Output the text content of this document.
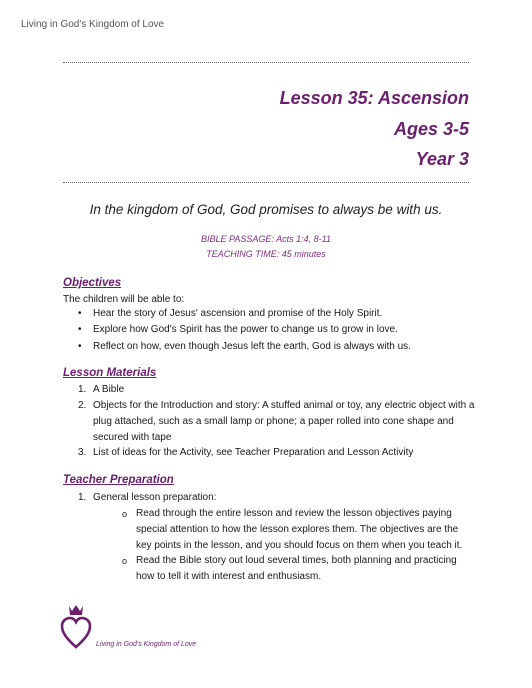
Living in God's Kingdom of Love
Lesson 35: Ascension
Ages 3-5
Year 3
In the kingdom of God, God promises to always be with us.
BIBLE PASSAGE: Acts 1:4, 8-11
TEACHING TIME: 45 minutes
Objectives
The children will be able to:
•	Hear the story of Jesus' ascension and promise of the Holy Spirit.
•	Explore how God's Spirit has the power to change us to grow in love.
•	Reflect on how, even though Jesus left the earth, God is always with us.
Lesson Materials
1. A Bible
2. Objects for the Introduction and story: A stuffed animal or toy, any electric object with a plug attached, such as a small lamp or phone; a paper rolled into cone shape and secured with tape
3. List of ideas for the Activity, see Teacher Preparation and Lesson Activity
Teacher Preparation
1. General lesson preparation:
o Read through the entire lesson and review the lesson objectives paying special attention to how the lesson explores them. The objectives are the key points in the lesson, and you should focus on them when you teach it.
o Read the Bible story out loud several times, both planning and practicing how to tell it with interest and enthusiasm.
Living in God's Kingdom of Love
